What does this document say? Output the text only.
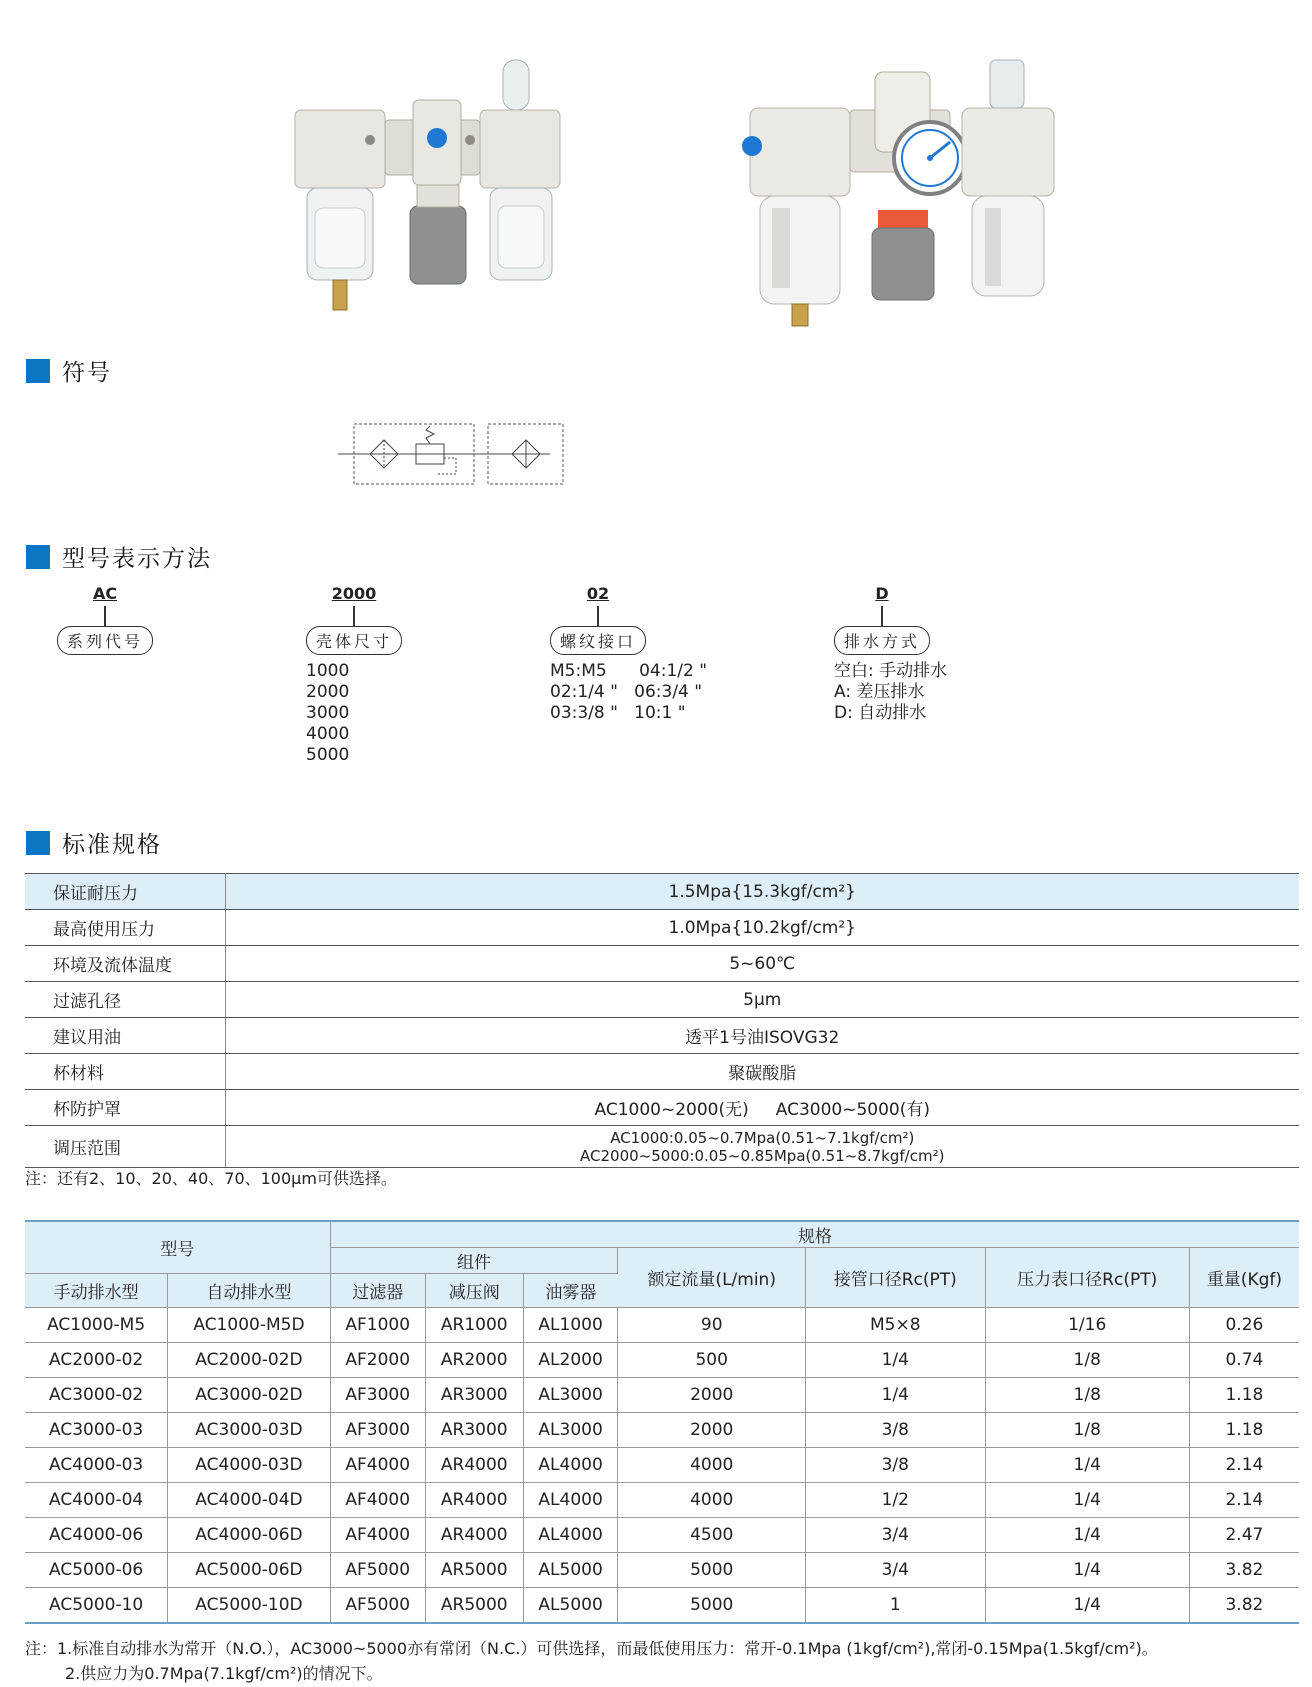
符号
型号表示方法
AC
系列代号
2000
壳体尺寸
1000
2000
3000
4000
5000
02
螺纹接口
M5:M5      04:1/2 "
02:1/4 "   06:3/4 "
03:3/8 "   10:1 "
D
排水方式
空白: 手动排水
A: 差压排水
D: 自动排水
标准规格
保证耐压力	1.5Mpa{15.3kgf/cm²}
最高使用压力	1.0Mpa{10.2kgf/cm²}
环境及流体温度	5~60℃
过滤孔径	5μm
建议用油	透平1号油ISOVG32
杯材料	聚碳酸脂
杯防护罩	AC1000~2000(无)     AC3000~5000(有)
调压范围	AC1000:0.05~0.7Mpa(0.51~7.1kgf/cm²)
AC2000~5000:0.05~0.85Mpa(0.51~8.7kgf/cm²)
注：还有2、10、20、40、70、100μm可供选择。
型号		规格						
		组件			额定流量(L/min)	接管口径Rc(PT)	压力表口径Rc(PT)	重量(Kgf)
手动排水型	自动排水型	过滤器	减压阀	油雾器				
AC1000-M5	AC1000-M5D	AF1000	AR1000	AL1000	90	M5×8	1/16	0.26
AC2000-02	AC2000-02D	AF2000	AR2000	AL2000	500	1/4	1/8	0.74
AC3000-02	AC3000-02D	AF3000	AR3000	AL3000	2000	1/4	1/8	1.18
AC3000-03	AC3000-03D	AF3000	AR3000	AL3000	2000	3/8	1/8	1.18
AC4000-03	AC4000-03D	AF4000	AR4000	AL4000	4000	3/8	1/4	2.14
AC4000-04	AC4000-04D	AF4000	AR4000	AL4000	4000	1/2	1/4	2.14
AC4000-06	AC4000-06D	AF4000	AR4000	AL4000	4500	3/4	1/4	2.47
AC5000-06	AC5000-06D	AF5000	AR5000	AL5000	5000	3/4	1/4	3.82
AC5000-10	AC5000-10D	AF5000	AR5000	AL5000	5000	1	1/4	3.82
注：1.标准自动排水为常开（N.O.），AC3000~5000亦有常闭（N.C.）可供选择，而最低使用压力：常开-0.1Mpa (1kgf/cm²),常闭-0.15Mpa(1.5kgf/cm²)。
2.供应力为0.7Mpa(7.1kgf/cm²)的情况下。
